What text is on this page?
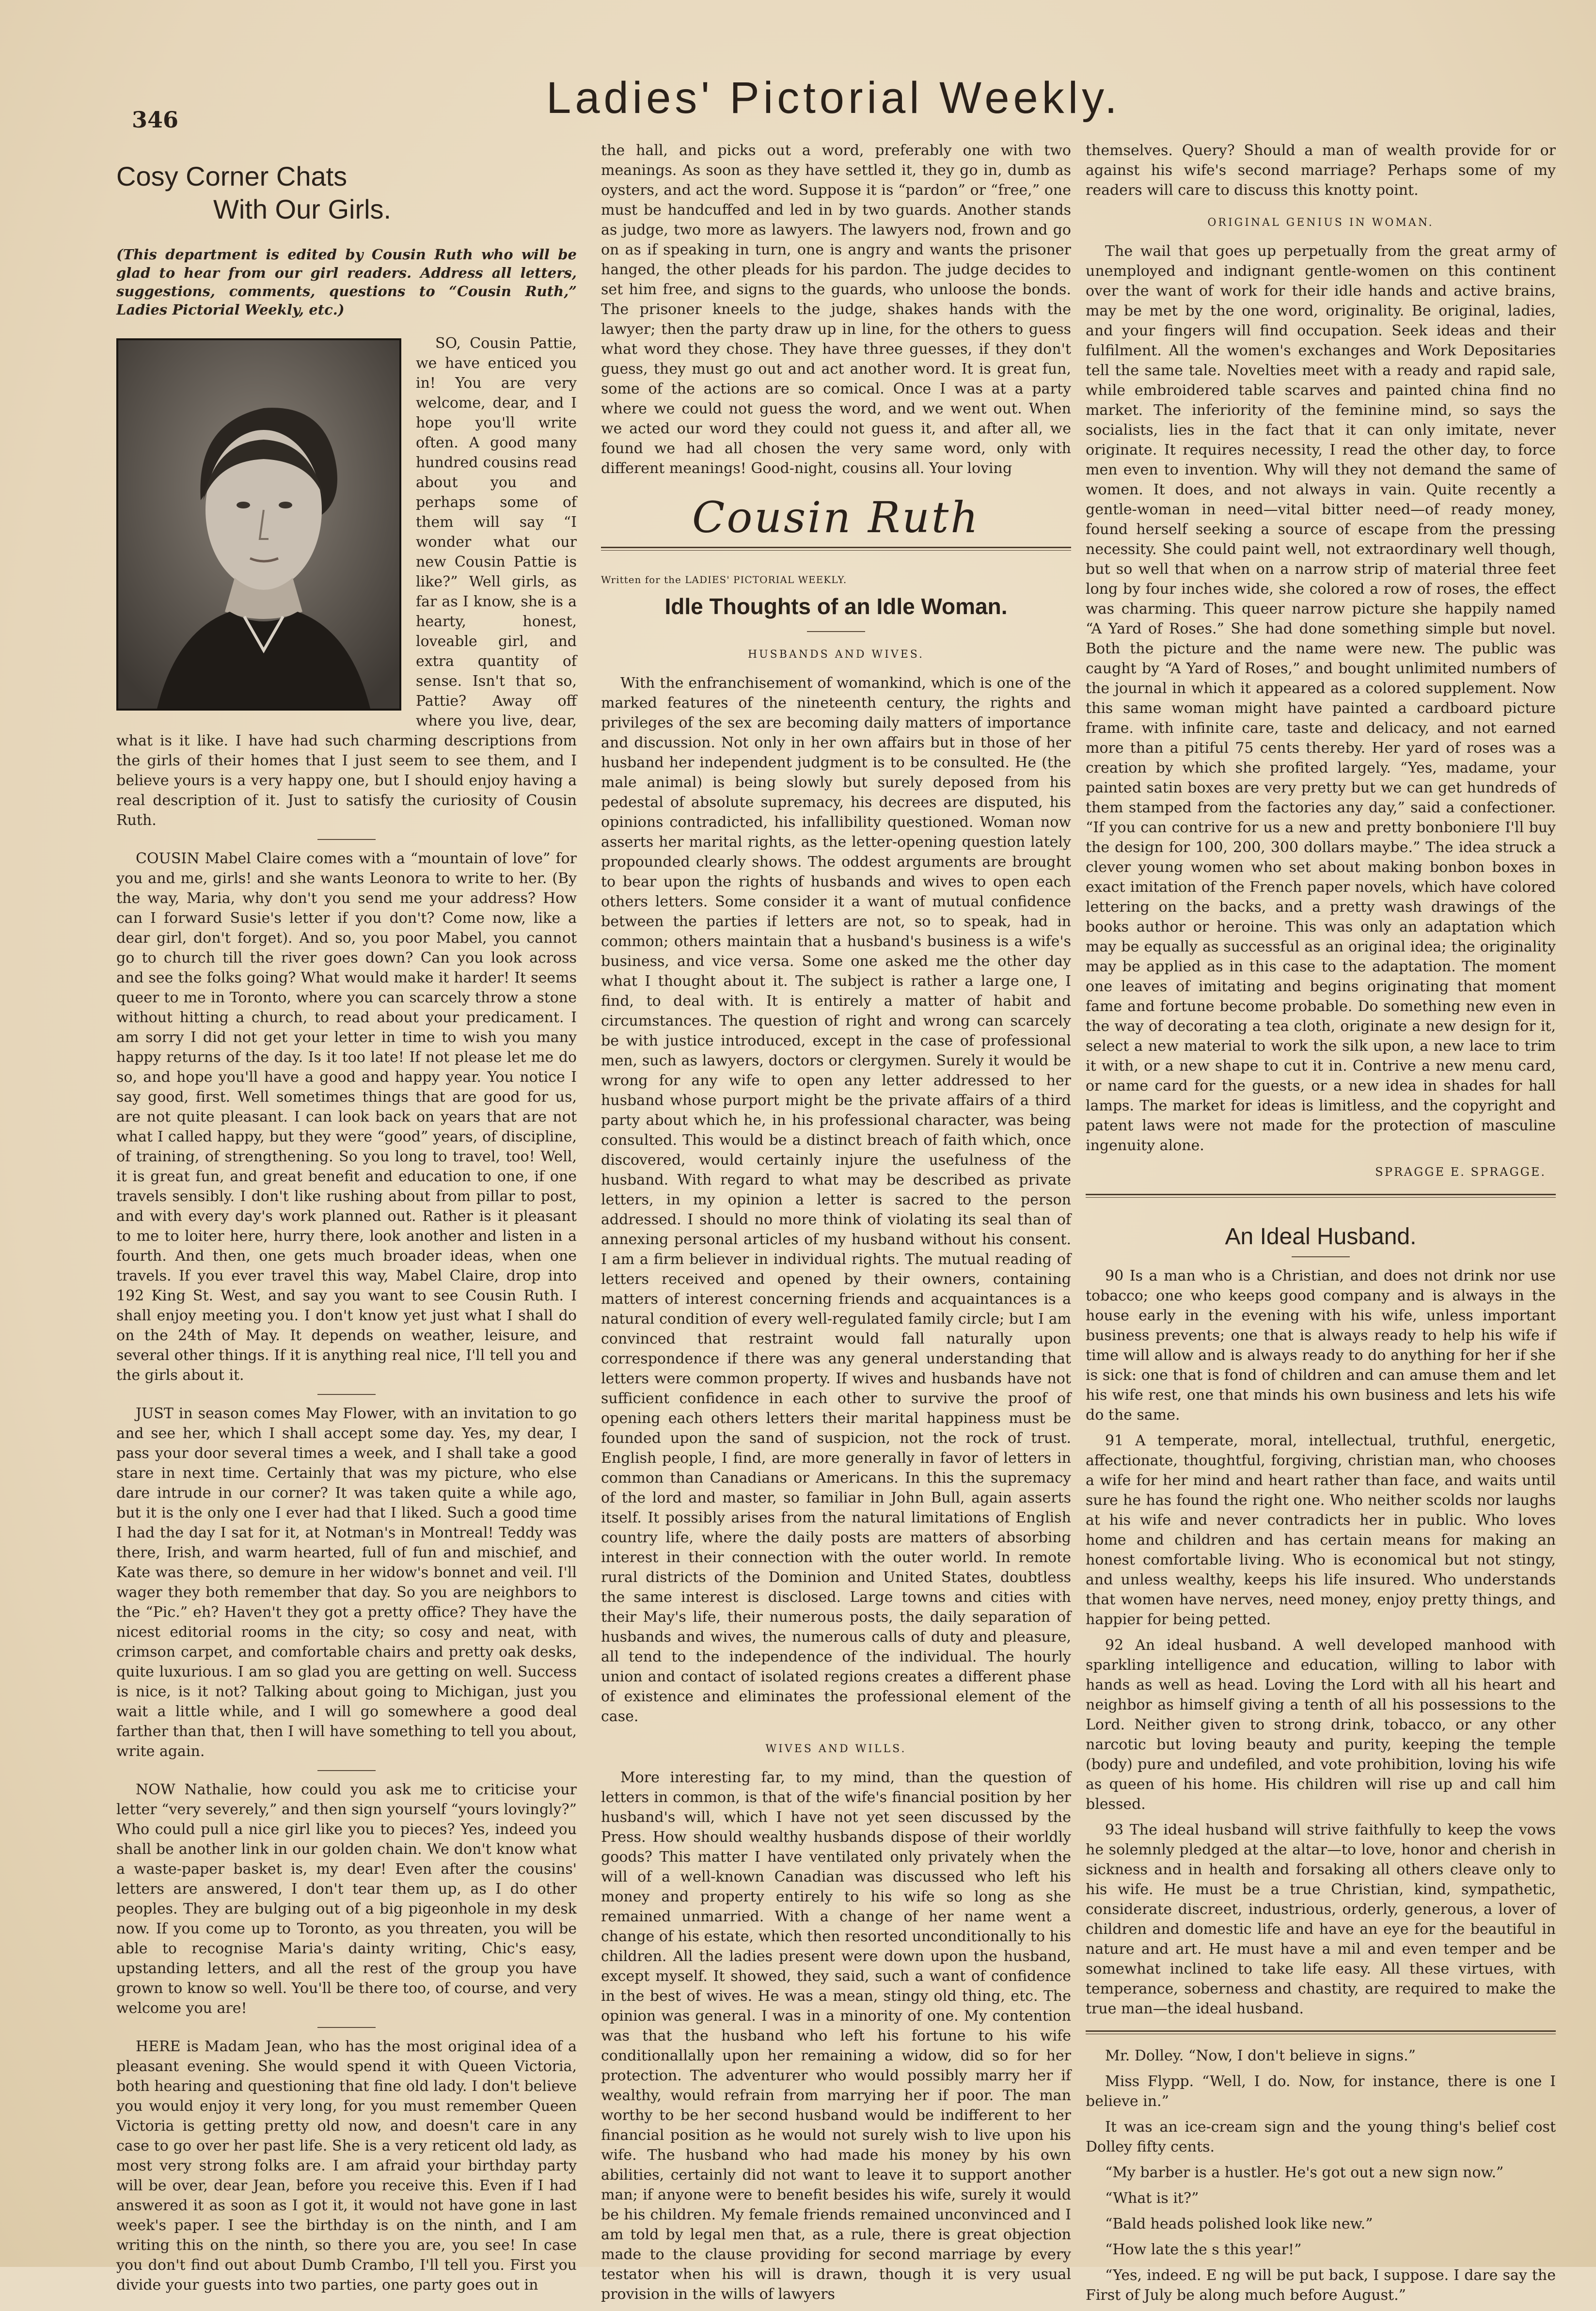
346	Ladies' Pictorial Weekly.
Cosy Corner Chats
With Our Girls.
(This department is edited by Cousin Ruth who will be glad to hear from our girl readers. Address all letters, suggestions, comments, questions to “Cousin Ruth,” Ladies Pictorial Weekly, etc.)

SO, Cousin Pattie, we have enticed you in! You are very welcome, dear, and I hope you'll write often. A good many hundred cousins read about you and perhaps some of them will say “I wonder what our new Cousin Pattie is like?” Well girls, as far as I know, she is a hearty, honest, loveable girl, and extra quantity of sense. Isn't that so, Pattie? Away off where you live, dear, what is it like. I have had such charming descriptions from the girls of their homes that I just seem to see them, and I believe yours is a very happy one, but I should enjoy having a real description of it. Just to satisfy the curiosity of Cousin Ruth.

COUSIN Mabel Claire comes with a “mountain of love” for you and me, girls! and she wants Leonora to write to her. (By the way, Maria, why don't you send me your address? How can I forward Susie's letter if you don't? Come now, like a dear girl, don't forget). And so, you poor Mabel, you cannot go to church till the river goes down? Can you look across and see the folks going? What would make it harder! It seems queer to me in Toronto, where you can scarcely throw a stone without hitting a church, to read about your predicament. I am sorry I did not get your letter in time to wish you many happy returns of the day. Is it too late! If not please let me do so, and hope you'll have a good and happy year. You notice I say good, first. Well sometimes things that are good for us, are not quite pleasant. I can look back on years that are not what I called happy, but they were “good” years, of discipline, of training, of strengthening. So you long to travel, too! Well, it is great fun, and great benefit and education to one, if one travels sensibly. I don't like rushing about from pillar to post, and with every day's work planned out. Rather is it pleasant to me to loiter here, hurry there, look another and listen in a fourth. And then, one gets much broader ideas, when one travels. If you ever travel this way, Mabel Claire, drop into 192 King St. West, and say you want to see Cousin Ruth. I shall enjoy meeting you. I don't know yet just what I shall do on the 24th of May. It depends on weather, leisure, and several other things. If it is anything real nice, I'll tell you and the girls about it.

JUST in season comes May Flower, with an invitation to go and see her, which I shall accept some day. Yes, my dear, I pass your door several times a week, and I shall take a good stare in next time. Certainly that was my picture, who else dare intrude in our corner? It was taken quite a while ago, but it is the only one I ever had that I liked. Such a good time I had the day I sat for it, at Notman's in Montreal! Teddy was there, Irish, and warm hearted, full of fun and mischief, and Kate was there, so demure in her widow's bonnet and veil. I'll wager they both remember that day. So you are neighbors to the “Pic.” eh? Haven't they got a pretty office? They have the nicest editorial rooms in the city; so cosy and neat, with crimson carpet, and comfortable chairs and pretty oak desks, quite luxurious. I am so glad you are getting on well. Success is nice, is it not? Talking about going to Michigan, just you wait a little while, and I will go somewhere a good deal farther than that, then I will have something to tell you about, write again.

NOW Nathalie, how could you ask me to criticise your letter “very severely,” and then sign yourself “yours lovingly?” Who could pull a nice girl like you to pieces? Yes, indeed you shall be another link in our golden chain. We don't know what a waste-paper basket is, my dear! Even after the cousins' letters are answered, I don't tear them up, as I do other peoples. They are bulging out of a big pigeonhole in my desk now. If you come up to Toronto, as you threaten, you will be able to recognise Maria's dainty writing, Chic's easy, upstanding letters, and all the rest of the group you have grown to know so well. You'll be there too, of course, and very welcome you are!

HERE is Madam Jean, who has the most original idea of a pleasant evening. She would spend it with Queen Victoria, both hearing and questioning that fine old lady. I don't believe you would enjoy it very long, for you must remember Queen Victoria is getting pretty old now, and doesn't care in any case to go over her past life. She is a very reticent old lady, as most very strong folks are. I am afraid your birthday party will be over, dear Jean, before you receive this. Even if I had answered it as soon as I got it, it would not have gone in last week's paper. I see the birthday is on the ninth, and I am writing this on the ninth, so there you are, you see! In case you don't find out about Dumb Crambo, I'll tell you. First you divide your guests into two parties, one party goes out in

the hall, and picks out a word, preferably one with two meanings. As soon as they have settled it, they go in, dumb as oysters, and act the word. Suppose it is “pardon” or “free,” one must be handcuffed and led in by two guards. Another stands as judge, two more as lawyers. The lawyers nod, frown and go on as if speaking in turn, one is angry and wants the prisoner hanged, the other pleads for his pardon. The judge decides to set him free, and signs to the guards, who unloose the bonds. The prisoner kneels to the judge, shakes hands with the lawyer; then the party draw up in line, for the others to guess what word they chose. They have three guesses, if they don't guess, they must go out and act another word. It is great fun, some of the actions are so comical. Once I was at a party where we could not guess the word, and we went out. When we acted our word they could not guess it, and after all, we found we had all chosen the very same word, only with different meanings! Good-night, cousins all. Your loving

Cousin Ruth
Written for the LADIES' PICTORIAL WEEKLY.
Idle Thoughts of an Idle Woman.
HUSBANDS AND WIVES.

With the enfranchisement of womankind, which is one of the marked features of the nineteenth century, the rights and privileges of the sex are becoming daily matters of importance and discussion. Not only in her own affairs but in those of her husband her independent judgment is to be consulted. He (the male animal) is being slowly but surely deposed from his pedestal of absolute supremacy, his decrees are disputed, his opinions contradicted, his infallibility questioned. Woman now asserts her marital rights, as the letter-opening question lately propounded clearly shows. The oddest arguments are brought to bear upon the rights of husbands and wives to open each others letters. Some consider it a want of mutual confidence between the parties if letters are not, so to speak, had in common; others maintain that a husband's business is a wife's business, and vice versa. Some one asked me the other day what I thought about it. The subject is rather a large one, I find, to deal with. It is entirely a matter of habit and circumstances. The question of right and wrong can scarcely be with justice introduced, except in the case of professional men, such as lawyers, doctors or clergymen. Surely it would be wrong for any wife to open any letter addressed to her husband whose purport might be the private affairs of a third party about which he, in his professional character, was being consulted. This would be a distinct breach of faith which, once discovered, would certainly injure the usefulness of the husband. With regard to what may be described as private letters, in my opinion a letter is sacred to the person addressed. I should no more think of violating its seal than of annexing personal articles of my husband without his consent. I am a firm believer in individual rights. The mutual reading of letters received and opened by their owners, containing matters of interest concerning friends and acquaintances is a natural condition of every well-regulated family circle; but I am convinced that restraint would fall naturally upon correspondence if there was any general understanding that letters were common property. If wives and husbands have not sufficient confidence in each other to survive the proof of opening each others letters their marital happiness must be founded upon the sand of suspicion, not the rock of trust. English people, I find, are more generally in favor of letters in common than Canadians or Americans. In this the supremacy of the lord and master, so familiar in John Bull, again asserts itself. It possibly arises from the natural limitations of English country life, where the daily posts are matters of absorbing interest in their connection with the outer world. In remote rural districts of the Dominion and United States, doubtless the same interest is disclosed. Large towns and cities with their May's life, their numerous posts, the daily separation of husbands and wives, the numerous calls of duty and pleasure, all tend to the independence of the individual. The hourly union and contact of isolated regions creates a different phase of existence and eliminates the professional element of the case.

WIVES AND WILLS.

More interesting far, to my mind, than the question of letters in common, is that of the wife's financial position by her husband's will, which I have not yet seen discussed by the Press. How should wealthy husbands dispose of their worldly goods? This matter I have ventilated only privately when the will of a well-known Canadian was discussed who left his money and property entirely to his wife so long as she remained unmarried. With a change of her name went a change of his estate, which then resorted unconditionally to his children. All the ladies present were down upon the husband, except myself. It showed, they said, such a want of confidence in the best of wives. He was a mean, stingy old thing, etc. The opinion was general. I was in a minority of one. My contention was that the husband who left his fortune to his wife conditionallally upon her remaining a widow, did so for her protection. The adventurer who would possibly marry her if wealthy, would refrain from marrying her if poor. The man worthy to be her second husband would be indifferent to her financial position as he would not surely wish to live upon his wife. The husband who had made his money by his own abilities, certainly did not want to leave it to support another man; if anyone were to benefit besides his wife, surely it would be his children. My female friends remained unconvinced and I am told by legal men that, as a rule, there is great objection made to the clause providing for second marriage by every testator when his will is drawn, though it is very usual provision in the wills of lawyers

themselves. Query? Should a man of wealth provide for or against his wife's second marriage? Perhaps some of my readers will care to discuss this knotty point.

ORIGINAL GENIUS IN WOMAN.

The wail that goes up perpetually from the great army of unemployed and indignant gentle-women on this continent over the want of work for their idle hands and active brains, may be met by the one word, originality. Be original, ladies, and your fingers will find occupation. Seek ideas and their fulfilment. All the women's exchanges and Work Depositaries tell the same tale. Novelties meet with a ready and rapid sale, while embroidered table scarves and painted china find no market. The inferiority of the feminine mind, so says the socialists, lies in the fact that it can only imitate, never originate. It requires necessity, I read the other day, to force men even to invention. Why will they not demand the same of women. It does, and not always in vain. Quite recently a gentle-woman in need—vital bitter need—of ready money, found herself seeking a source of escape from the pressing necessity. She could paint well, not extraordinary well though, but so well that when on a narrow strip of material three feet long by four inches wide, she colored a row of roses, the effect was charming. This queer narrow picture she happily named “A Yard of Roses.” She had done something simple but novel. Both the picture and the name were new. The public was caught by “A Yard of Roses,” and bought unlimited numbers of the journal in which it appeared as a colored supplement. Now this same woman might have painted a cardboard picture frame. with infinite care, taste and delicacy, and not earned more than a pitiful 75 cents thereby. Her yard of roses was a creation by which she profited largely. “Yes, madame, your painted satin boxes are very pretty but we can get hundreds of them stamped from the factories any day,” said a confectioner. “If you can contrive for us a new and pretty bonboniere I'll buy the design for 100, 200, 300 dollars maybe.” The idea struck a clever young women who set about making bonbon boxes in exact imitation of the French paper novels, which have colored lettering on the backs, and a pretty wash drawings of the books author or heroine. This was only an adaptation which may be equally as successful as an original idea; the originality may be applied as in this case to the adaptation. The moment one leaves of imitating and begins originating that moment fame and fortune become probable. Do something new even in the way of decorating a tea cloth, originate a new design for it, select a new material to work the silk upon, a new lace to trim it with, or a new shape to cut it in. Contrive a new menu card, or name card for the guests, or a new idea in shades for hall lamps. The market for ideas is limitless, and the copyright and patent laws were not made for the protection of masculine ingenuity alone.

SPRAGGE E. SPRAGGE.
An Ideal Husband.

90 Is a man who is a Christian, and does not drink nor use tobacco; one who keeps good company and is always in the house early in the evening with his wife, unless important business prevents; one that is always ready to help his wife if time will allow and is always ready to do anything for her if she is sick: one that is fond of children and can amuse them and let his wife rest, one that minds his own business and lets his wife do the same.

91 A temperate, moral, intellectual, truthful, energetic, affectionate, thoughtful, forgiving, christian man, who chooses a wife for her mind and heart rather than face, and waits until sure he has found the right one. Who neither scolds nor laughs at his wife and never contradicts her in public. Who loves home and children and has certain means for making an honest comfortable living. Who is economical but not stingy, and unless wealthy, keeps his life insured. Who understands that women have nerves, need money, enjoy pretty things, and happier for being petted.

92 An ideal husband. A well developed manhood with sparkling intelligence and education, willing to labor with hands as well as head. Loving the Lord with all his heart and neighbor as himself giving a tenth of all his possessions to the Lord. Neither given to strong drink, tobacco, or any other narcotic but loving beauty and purity, keeping the temple (body) pure and undefiled, and vote prohibition, loving his wife as queen of his home. His children will rise up and call him blessed.

93 The ideal husband will strive faithfully to keep the vows he solemnly pledged at the altar—to love, honor and cherish in sickness and in health and forsaking all others cleave only to his wife. He must be a true Christian, kind, sympathetic, considerate discreet, industrious, orderly, generous, a lover of children and domestic life and have an eye for the beautiful in nature and art. He must have a mil and even temper and be somewhat inclined to take life easy. All these virtues, with temperance, soberness and chastity, are required to make the true man—the ideal husband.

Mr. Dolley. “Now, I don't believe in signs.”

Miss Flypp. “Well, I do. Now, for instance, there is one I believe in.”

It was an ice-cream sign and the young thing's belief cost Dolley fifty cents.

“My barber is a hustler. He's got out a new sign now.”

“What is it?”

“Bald heads polished look like new.”

“How late the s this year!”

“Yes, indeed. E ng will be put back, I suppose. I dare say the First of July be along much before August.”
